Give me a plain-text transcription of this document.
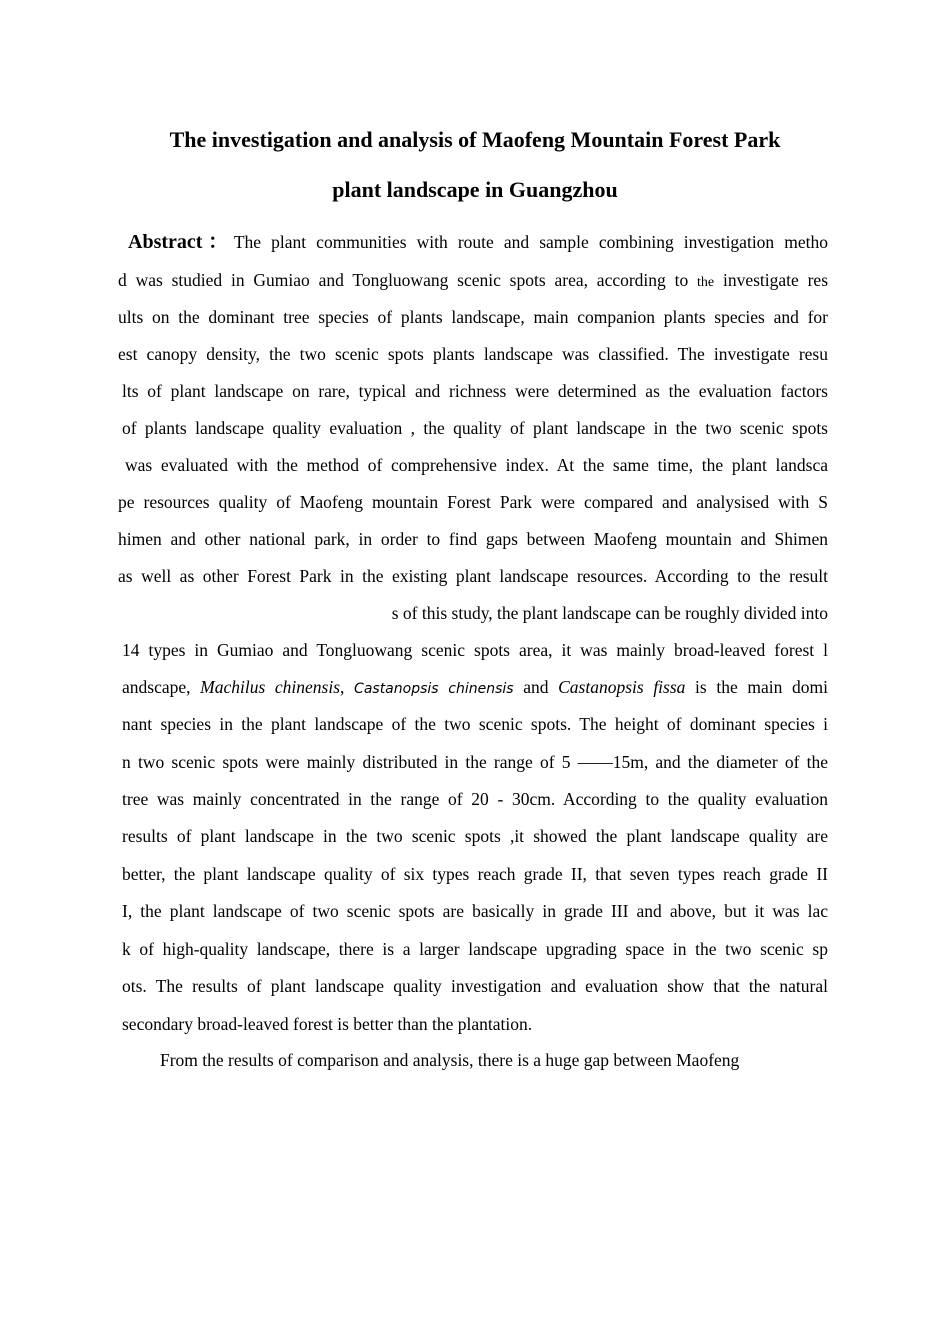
The investigation and analysis of Maofeng Mountain Forest Park
plant landscape in Guangzhou
Abstract：The plant communities with route and sample combining investigation metho
d was studied in Gumiao and Tongluowang scenic spots area, according to the investigate res
ults on the dominant tree species of plants landscape, main companion plants species and for
est canopy density, the two scenic spots plants landscape was classified. The investigate resu
lts of plant landscape on rare, typical and richness were determined as the evaluation factors
of plants landscape quality evaluation , the quality of plant landscape in the two scenic spots
was evaluated with the method of comprehensive index. At the same time, the plant landsca
pe resources quality of Maofeng mountain Forest Park were compared and analysised with S
himen and other national park, in order to find gaps between Maofeng mountain and Shimen
as well as other Forest Park in the existing plant landscape resources. According to the result
s of this study, the plant landscape can be roughly divided into
14 types in Gumiao and Tongluowang scenic spots area, it was mainly broad-leaved forest l
andscape, Machilus chinensis, Castanopsis chinensis and Castanopsis fissa is the main domi
nant species in the plant landscape of the two scenic spots. The height of dominant species i
n two scenic spots were mainly distributed in the range of 5 ——15m, and the diameter of the
tree was mainly concentrated in the range of 20 - 30cm. According to the quality evaluation
results of plant landscape in the two scenic spots ,it showed the plant landscape quality are
better, the plant landscape quality of six types reach grade II, that seven types reach grade II
I, the plant landscape of two scenic spots are basically in grade III and above, but it was lac
k of high-quality landscape, there is a larger landscape upgrading space in the two scenic sp
ots. The results of plant landscape quality investigation and evaluation show that the natural
secondary broad-leaved forest is better than the plantation.
From the results of comparison and analysis, there is a huge gap between Maofeng
